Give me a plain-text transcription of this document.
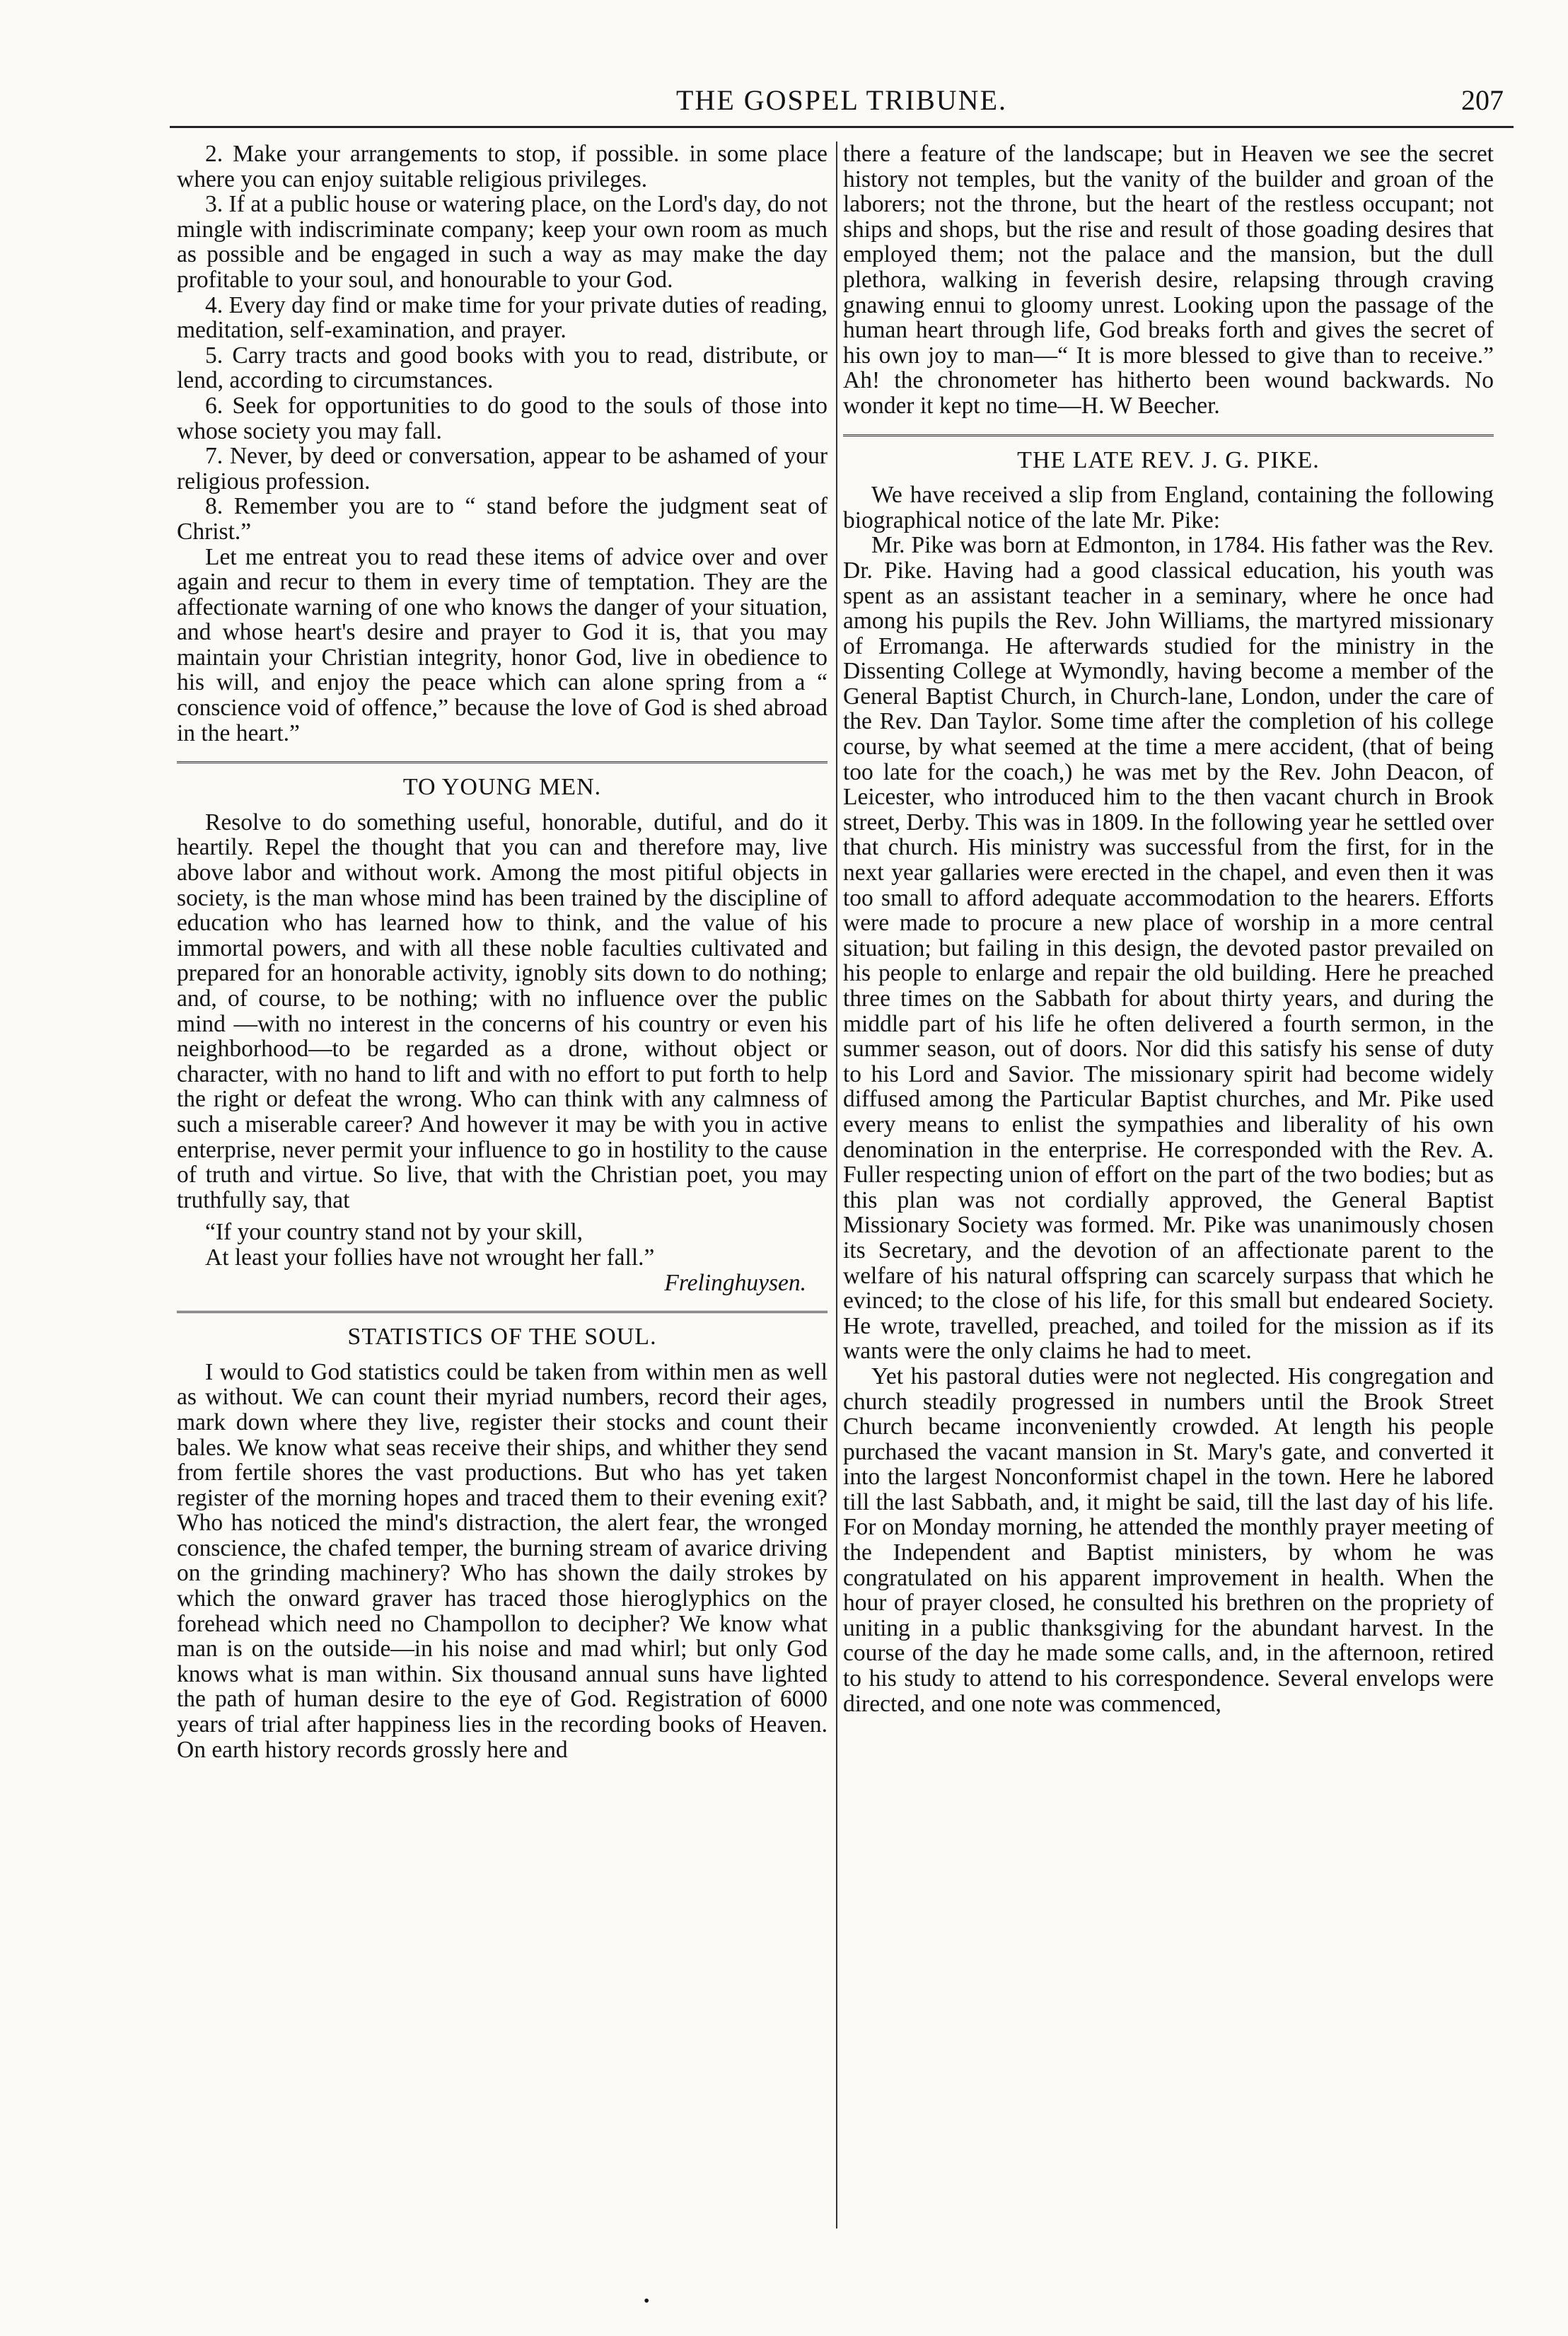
THE GOSPEL TRIBUNE.	207

2. Make your arrangements to stop, if possible. in some place where you can enjoy suitable religious privileges.

3. If at a public house or watering place, on the Lord's day, do not mingle with indiscriminate company; keep your own room as much as possible and be engaged in such a way as may make the day profitable to your soul, and honourable to your God.

4. Every day find or make time for your private duties of reading, meditation, self-examination, and prayer.

5. Carry tracts and good books with you to read, distribute, or lend, according to circumstances.

6. Seek for opportunities to do good to the souls of those into whose society you may fall.

7. Never, by deed or conversation, appear to be ashamed of your religious profession.

8. Remember you are to “ stand before the judgment seat of Christ.”

Let me entreat you to read these items of advice over and over again and recur to them in every time of temptation. They are the affectionate warning of one who knows the danger of your situation, and whose heart's desire and prayer to God it is, that you may maintain your Christian integrity, honor God, live in obedience to his will, and enjoy the peace which can alone spring from a “ conscience void of offence,” because the love of God is shed abroad in the heart.”

TO YOUNG MEN.

Resolve to do something useful, honorable, dutiful, and do it heartily. Repel the thought that you can and therefore may, live above labor and without work. Among the most pitiful objects in society, is the man whose mind has been trained by the discipline of education who has learned how to think, and the value of his immortal powers, and with all these noble faculties cultivated and prepared for an honorable activity, ignobly sits down to do nothing; and, of course, to be nothing; with no influence over the public mind —with no interest in the concerns of his country or even his neighborhood—to be regarded as a drone, without object or character, with no hand to lift and with no effort to put forth to help the right or defeat the wrong. Who can think with any calmness of such a miserable career? And however it may be with you in active enterprise, never permit your influence to go in hostility to the cause of truth and virtue. So live, that with the Christian poet, you may truthfully say, that

“If your country stand not by your skill,
At least your follies have not wrought her fall.”

Frelinghuysen.

STATISTICS OF THE SOUL.

I would to God statistics could be taken from within men as well as without. We can count their myriad numbers, record their ages, mark down where they live, register their stocks and count their bales. We know what seas receive their ships, and whither they send from fertile shores the vast productions. But who has yet taken register of the morning hopes and traced them to their evening exit? Who has noticed the mind's distraction, the alert fear, the wronged conscience, the chafed temper, the burning stream of avarice driving on the grinding machinery? Who has shown the daily strokes by which the onward graver has traced those hieroglyphics on the forehead which need no Champollon to decipher? We know what man is on the outside—in his noise and mad whirl; but only God knows what is man within. Six thousand annual suns have lighted the path of human desire to the eye of God. Registration of 6000 years of trial after happiness lies in the recording books of Heaven. On earth history records grossly here and

there a feature of the landscape; but in Heaven we see the secret history not temples, but the vanity of the builder and groan of the laborers; not the throne, but the heart of the restless occupant; not ships and shops, but the rise and result of those goading desires that employed them; not the palace and the mansion, but the dull plethora, walking in feverish desire, relapsing through craving gnawing ennui to gloomy unrest. Looking upon the passage of the human heart through life, God breaks forth and gives the secret of his own joy to man—“ It is more blessed to give than to receive.” Ah! the chronometer has hitherto been wound backwards. No wonder it kept no time—H. W Beecher.

THE LATE REV. J. G. PIKE.

We have received a slip from England, containing the following biographical notice of the late Mr. Pike:

Mr. Pike was born at Edmonton, in 1784. His father was the Rev. Dr. Pike. Having had a good classical education, his youth was spent as an assistant teacher in a seminary, where he once had among his pupils the Rev. John Williams, the martyred missionary of Erromanga. He afterwards studied for the ministry in the Dissenting College at Wymondly, having become a member of the General Baptist Church, in Church-lane, London, under the care of the Rev. Dan Taylor. Some time after the completion of his college course, by what seemed at the time a mere accident, (that of being too late for the coach,) he was met by the Rev. John Deacon, of Leicester, who introduced him to the then vacant church in Brook street, Derby. This was in 1809. In the following year he settled over that church. His ministry was successful from the first, for in the next year gallaries were erected in the chapel, and even then it was too small to afford adequate accommodation to the hearers. Efforts were made to procure a new place of worship in a more central situation; but failing in this design, the devoted pastor prevailed on his people to enlarge and repair the old building. Here he preached three times on the Sabbath for about thirty years, and during the middle part of his life he often delivered a fourth sermon, in the summer season, out of doors. Nor did this satisfy his sense of duty to his Lord and Savior. The missionary spirit had become widely diffused among the Particular Baptist churches, and Mr. Pike used every means to enlist the sympathies and liberality of his own denomination in the enterprise. He corresponded with the Rev. A. Fuller respecting union of effort on the part of the two bodies; but as this plan was not cordially approved, the General Baptist Missionary Society was formed. Mr. Pike was unanimously chosen its Secretary, and the devotion of an affectionate parent to the welfare of his natural offspring can scarcely surpass that which he evinced; to the close of his life, for this small but endeared Society. He wrote, travelled, preached, and toiled for the mission as if its wants were the only claims he had to meet.

Yet his pastoral duties were not neglected. His congregation and church steadily progressed in numbers until the Brook Street Church became inconveniently crowded. At length his people purchased the vacant mansion in St. Mary's gate, and converted it into the largest Nonconformist chapel in the town. Here he labored till the last Sabbath, and, it might be said, till the last day of his life. For on Monday morning, he attended the monthly prayer meeting of the Independent and Baptist ministers, by whom he was congratulated on his apparent improvement in health. When the hour of prayer closed, he consulted his brethren on the propriety of uniting in a public thanksgiving for the abundant harvest. In the course of the day he made some calls, and, in the afternoon, retired to his study to attend to his correspondence. Several envelops were directed, and one note was commenced,

•
